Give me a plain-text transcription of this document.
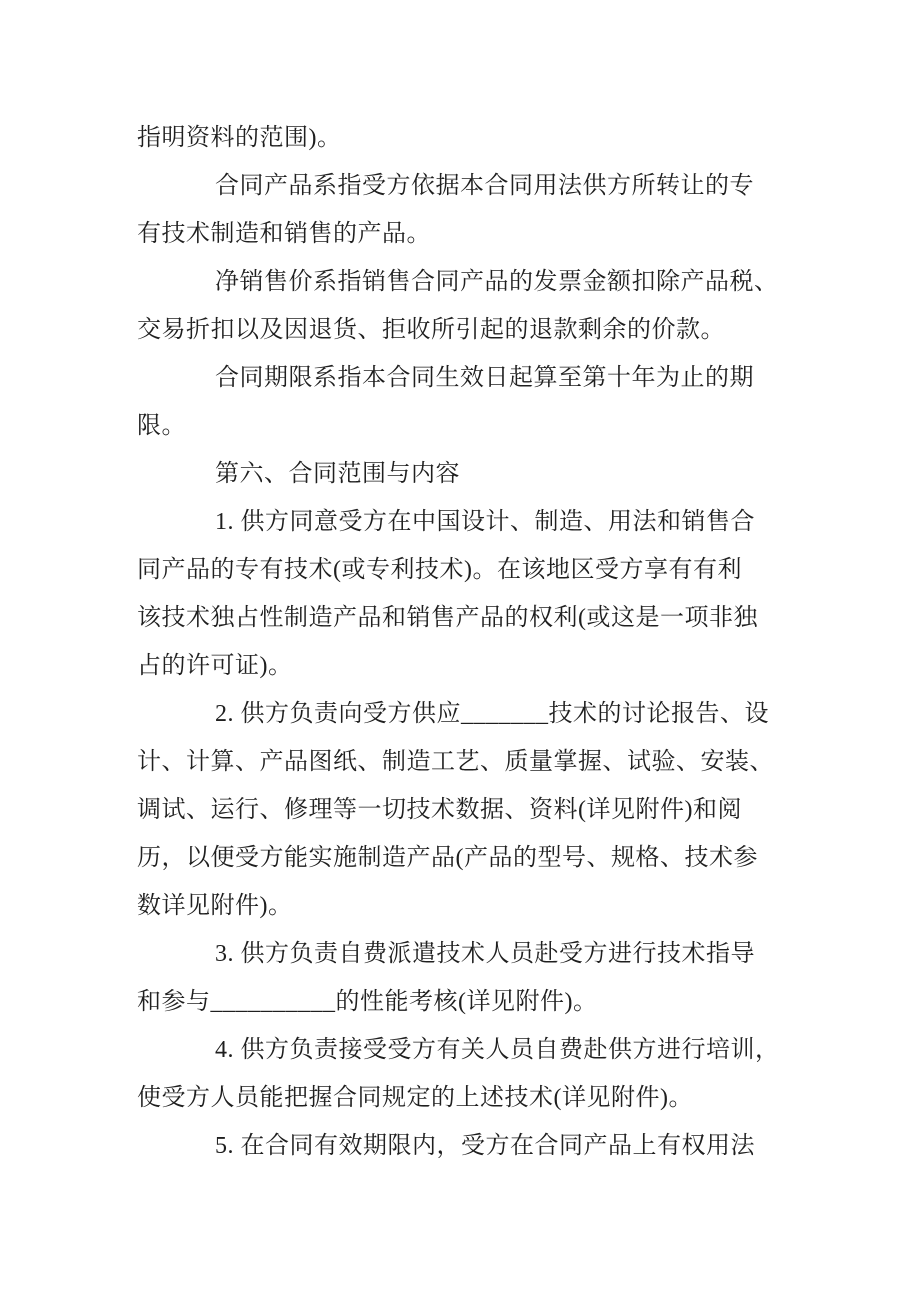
指明资料的范围)。
合同产品系指受方依据本合同用法供方所转让的专
有技术制造和销售的产品。
净销售价系指销售合同产品的发票金额扣除产品税、
交易折扣以及因退货、拒收所引起的退款剩余的价款。
合同期限系指本合同生效日起算至第十年为止的期
限。
第六、合同范围与内容
1. 供方同意受方在中国设计、制造、用法和销售合
同产品的专有技术(或专利技术)。在该地区受方享有有利
该技术独占性制造产品和销售产品的权利(或这是一项非独
占的许可证)。
2. 供方负责向受方供应_______技术的讨论报告、设
计、计算、产品图纸、制造工艺、质量掌握、试验、安装、
调试、运行、修理等一切技术数据、资料(详见附件)和阅
历，以便受方能实施制造产品(产品的型号、规格、技术参
数详见附件)。
3. 供方负责自费派遣技术人员赴受方进行技术指导
和参与__________的性能考核(详见附件)。
4. 供方负责接受受方有关人员自费赴供方进行培训，
使受方人员能把握合同规定的上述技术(详见附件)。
5. 在合同有效期限内，受方在合同产品上有权用法
